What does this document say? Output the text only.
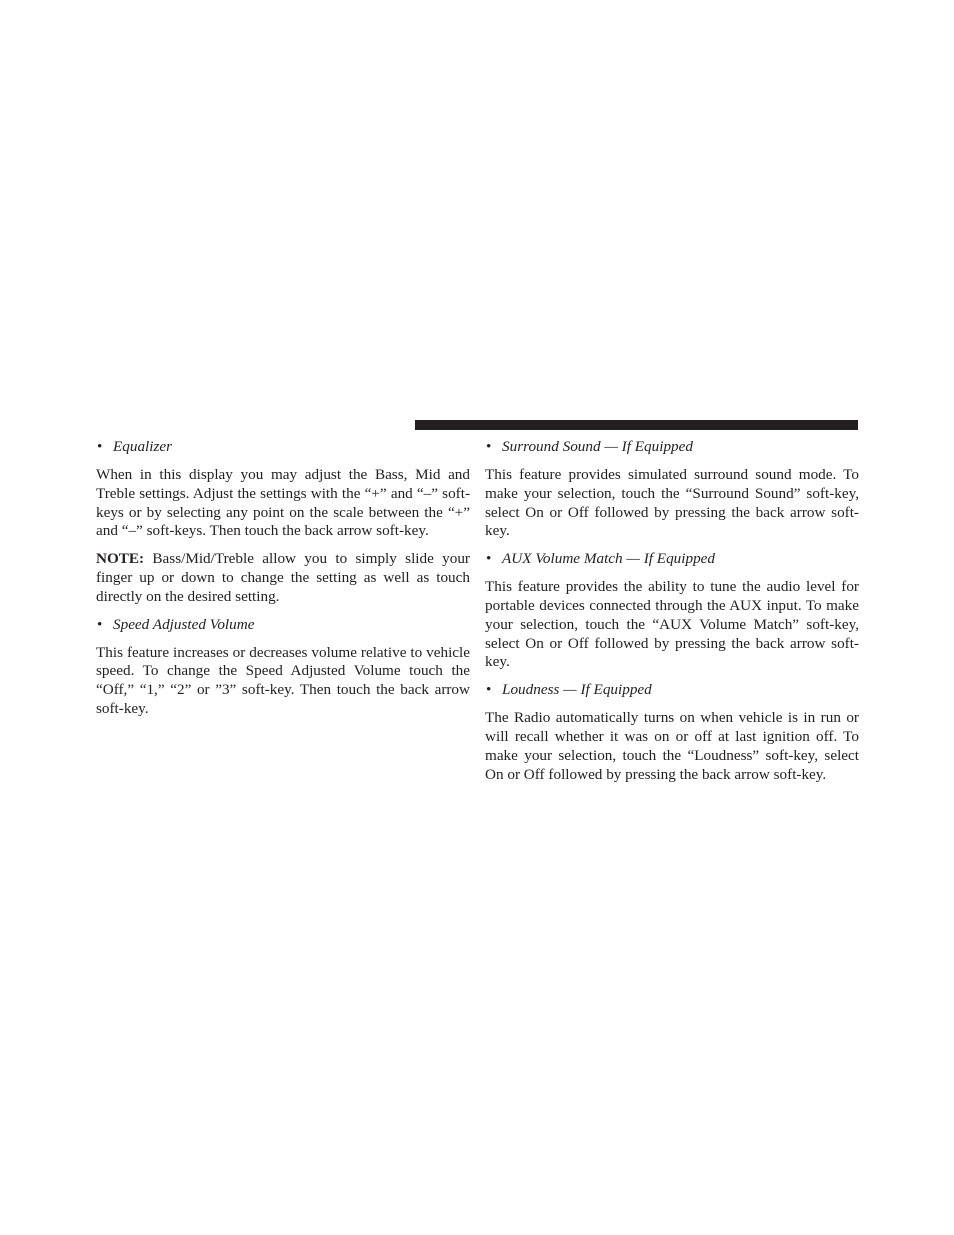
• Equalizer

When in this display you may adjust the Bass, Mid and Treble settings. Adjust the settings with the “+” and “–” soft-keys or by selecting any point on the scale between the “+” and “–” soft-keys. Then touch the back arrow soft-key.

NOTE: Bass/Mid/Treble allow you to simply slide your finger up or down to change the setting as well as touch directly on the desired setting.

• Speed Adjusted Volume

This feature increases or decreases volume relative to vehicle speed. To change the Speed Adjusted Volume touch the “Off,” “1,” “2” or ”3” soft-key. Then touch the back arrow soft-key.

• Surround Sound — If Equipped

This feature provides simulated surround sound mode. To make your selection, touch the “Surround Sound” soft-key, select On or Off followed by pressing the back arrow soft-key.

• AUX Volume Match — If Equipped

This feature provides the ability to tune the audio level for portable devices connected through the AUX input. To make your selection, touch the “AUX Volume Match” soft-key, select On or Off followed by pressing the back arrow soft-key.

• Loudness — If Equipped

The Radio automatically turns on when vehicle is in run or will recall whether it was on or off at last ignition off. To make your selection, touch the “Loudness” soft-key, select On or Off followed by pressing the back arrow soft-key.
